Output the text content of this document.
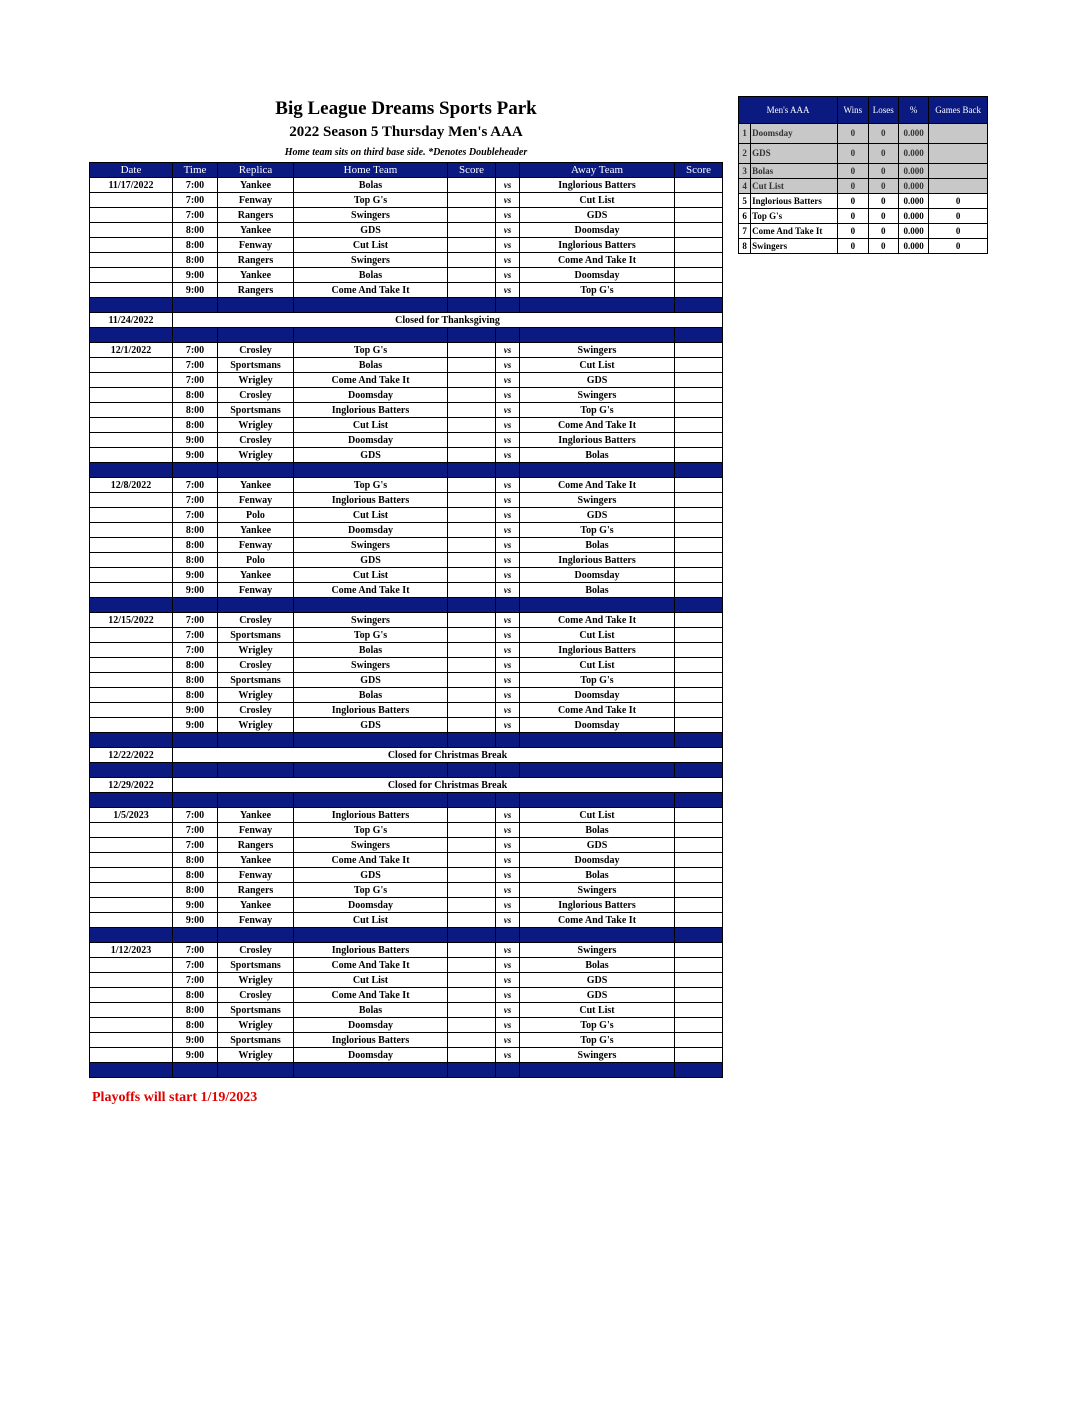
Big League Dreams Sports Park
2022 Season 5 Thursday Men's AAA
Home team sits on third base side. *Denotes Doubleheader
Date	Time	Replica	Home Team	Score		Away Team	Score
11/17/2022	7:00	Yankee	Bolas		vs	Inglorious Batters	
	7:00	Fenway	Top G's		vs	Cut List	
	7:00	Rangers	Swingers		vs	GDS	
	8:00	Yankee	GDS		vs	Doomsday	
	8:00	Fenway	Cut List		vs	Inglorious Batters	
	8:00	Rangers	Swingers		vs	Come And Take It	
	9:00	Yankee	Bolas		vs	Doomsday	
	9:00	Rangers	Come And Take It		vs	Top G's	

11/24/2022	Closed for Thanksgiving						

12/1/2022	7:00	Crosley	Top G's		vs	Swingers	
	7:00	Sportsmans	Bolas		vs	Cut List	
	7:00	Wrigley	Come And Take It		vs	GDS	
	8:00	Crosley	Doomsday		vs	Swingers	
	8:00	Sportsmans	Inglorious Batters		vs	Top G's	
	8:00	Wrigley	Cut List		vs	Come And Take It	
	9:00	Crosley	Doomsday		vs	Inglorious Batters	
	9:00	Wrigley	GDS		vs	Bolas	

12/8/2022	7:00	Yankee	Top G's		vs	Come And Take It	
	7:00	Fenway	Inglorious Batters		vs	Swingers	
	7:00	Polo	Cut List		vs	GDS	
	8:00	Yankee	Doomsday		vs	Top G's	
	8:00	Fenway	Swingers		vs	Bolas	
	8:00	Polo	GDS		vs	Inglorious Batters	
	9:00	Yankee	Cut List		vs	Doomsday	
	9:00	Fenway	Come And Take It		vs	Bolas	

12/15/2022	7:00	Crosley	Swingers		vs	Come And Take It	
	7:00	Sportsmans	Top G's		vs	Cut List	
	7:00	Wrigley	Bolas		vs	Inglorious Batters	
	8:00	Crosley	Swingers		vs	Cut List	
	8:00	Sportsmans	GDS		vs	Top G's	
	8:00	Wrigley	Bolas		vs	Doomsday	
	9:00	Crosley	Inglorious Batters		vs	Come And Take It	
	9:00	Wrigley	GDS		vs	Doomsday	

12/22/2022	Closed for Christmas Break						

12/29/2022	Closed for Christmas Break						

1/5/2023	7:00	Yankee	Inglorious Batters		vs	Cut List	
	7:00	Fenway	Top G's		vs	Bolas	
	7:00	Rangers	Swingers		vs	GDS	
	8:00	Yankee	Come And Take It		vs	Doomsday	
	8:00	Fenway	GDS		vs	Bolas	
	8:00	Rangers	Top G's		vs	Swingers	
	9:00	Yankee	Doomsday		vs	Inglorious Batters	
	9:00	Fenway	Cut List		vs	Come And Take It	

1/12/2023	7:00	Crosley	Inglorious Batters		vs	Swingers	
	7:00	Sportsmans	Come And Take It		vs	Bolas	
	7:00	Wrigley	Cut List		vs	GDS	
	8:00	Crosley	Come And Take It		vs	GDS	
	8:00	Sportsmans	Bolas		vs	Cut List	
	8:00	Wrigley	Doomsday		vs	Top G's	
	9:00	Sportsmans	Inglorious Batters		vs	Top G's	
	9:00	Wrigley	Doomsday		vs	Swingers	

Playoffs will start 1/19/2023
Men's AAA		Wins	Loses	%	Games Back
1	Doomsday	0	0	0.000	
2	GDS	0	0	0.000	
3	Bolas	0	0	0.000	
4	Cut List	0	0	0.000	
5	Inglorious Batters	0	0	0.000	0
6	Top G's	0	0	0.000	0
7	Come And Take It	0	0	0.000	0
8	Swingers	0	0	0.000	0
